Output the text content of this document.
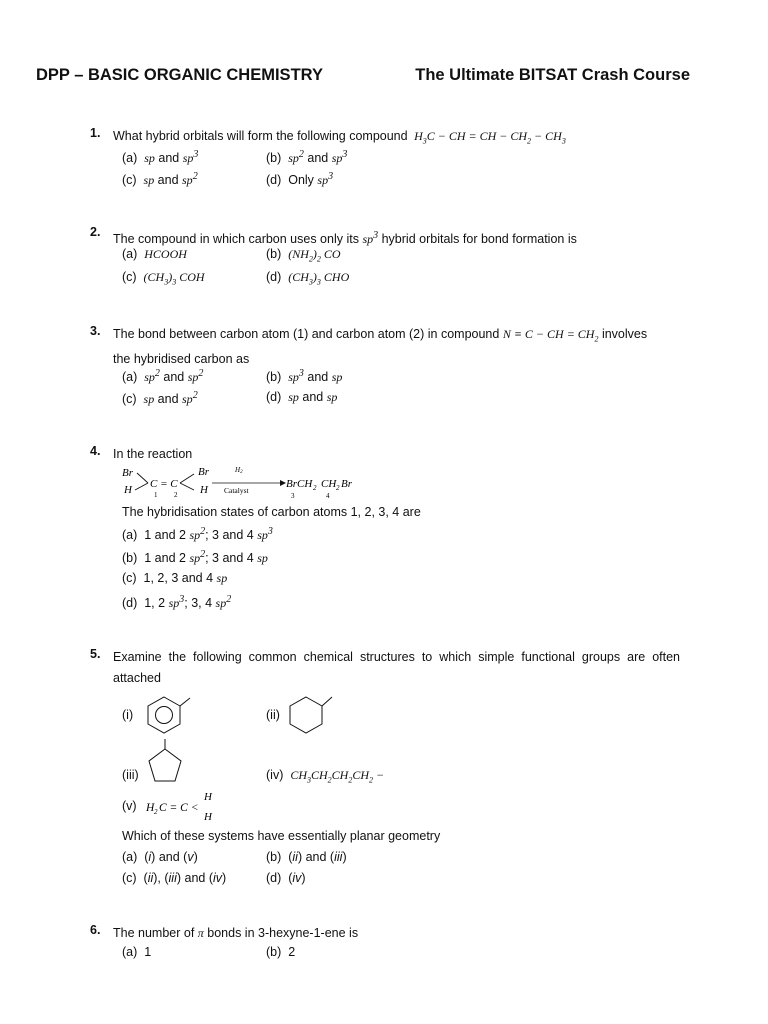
DPP – BASIC ORGANIC CHEMISTRY	The Ultimate BITSAT Crash Course
1. What hybrid orbitals will form the following compound  $H_3C$ − CH = CH − $CH_2 - CH_3$
(a) sp and $sp^3$	(b) $sp^2$ and $sp^3$
(c) sp and $sp^2$	(d)  Only $sp^3$
2. The compound in which carbon uses only its $sp^3$ hybrid orbitals for bond formation is
(a) HCOOH	(b) $(NH_2)_2$ CO
(c) $(CH_3)_3$ COH	(d) $(CH_3)_3$ CHO
3. The bond between carbon atom (1) and carbon atom (2) in compound N ≡ C − CH = $CH_2$ involves
the hybridised carbon as
(a) $sp^2$ and $sp^2$	(b) $sp^3$ and sp
(c) sp and $sp^2$	(d) sp and sp
4. In the reaction
Br
H C = C
Br
H
1 2
H2
Catalyst
BrCH 2 CH 2 Br
3	4
The hybridisation states of carbon atoms 1, 2, 3, 4 are
(a) 1 and 2 $sp^2$; 3 and 4 $sp^3$
(b) 1 and 2 $sp^2$; 3 and 4 sp
(c) 1, 2, 3 and 4 sp
(d) 1, 2 $sp^3$; 3, 4 $sp^2$
5. Examine the following common chemical structures to which simple functional groups are often attached
(i)	(ii)
(iii)	(iv) $CH_3CH_2CH_2CH_2$ −
(v) H 2 C = C <
H
H
Which of these systems have essentially planar geometry
(a)  (i) and (v)	(b)  (ii) and (iii)
(c)  (ii), (iii) and (iv)	(d)  (iv)
6. The number of π bonds in 3-hexyne-1-ene is
(a) 1	(b) 2
